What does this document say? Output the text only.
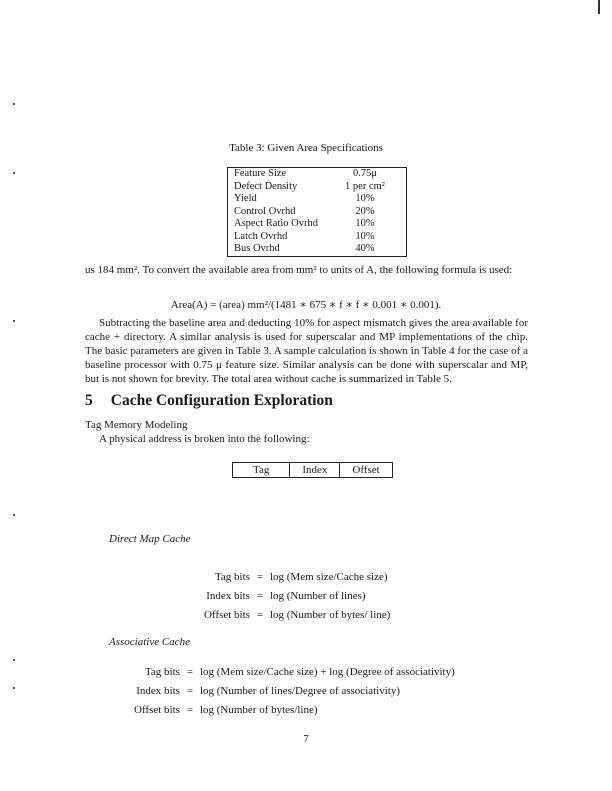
Table 3: Given Area Specifications
Feature Size	0.75μ
Defect Density	1 per cm²
Yield	10%
Control Ovrhd	20%
Aspect Ratio Ovrhd	10%
Latch Ovrhd	10%
Bus Ovrhd	40%
us 184 mm². To convert the available area from mm² to units of A, the following formula is used:
Area(A) = (area) mm²/(1481 ∗ 675 ∗ f ∗ f ∗ 0.001 ∗ 0.001).
Subtracting the baseline area and deducting 10% for aspect mismatch gives the area available for cache + directory. A similar analysis is used for superscalar and MP implementations of the chip. The basic parameters are given in Table 3. A sample calculation is shown in Table 4 for the case of a baseline processor with 0.75 μ feature size. Similar analysis can be done with superscalar and MP, but is not shown for brevity. The total area without cache is summarized in Table 5.
5 Cache Configuration Exploration
Tag Memory Modeling
A physical address is broken into the following:
Tag	Index	Offset
Direct Map Cache
Tag bits = log (Mem size/Cache size)
Index bits = log (Number of lines)
Offset bits = log (Number of bytes/ line)
Associative Cache
Tag bits = log (Mem size/Cache size) + log (Degree of associativity)
Index bits = log (Number of lines/Degree of associativity)
Offset bits = log (Number of bytes/line)
7
